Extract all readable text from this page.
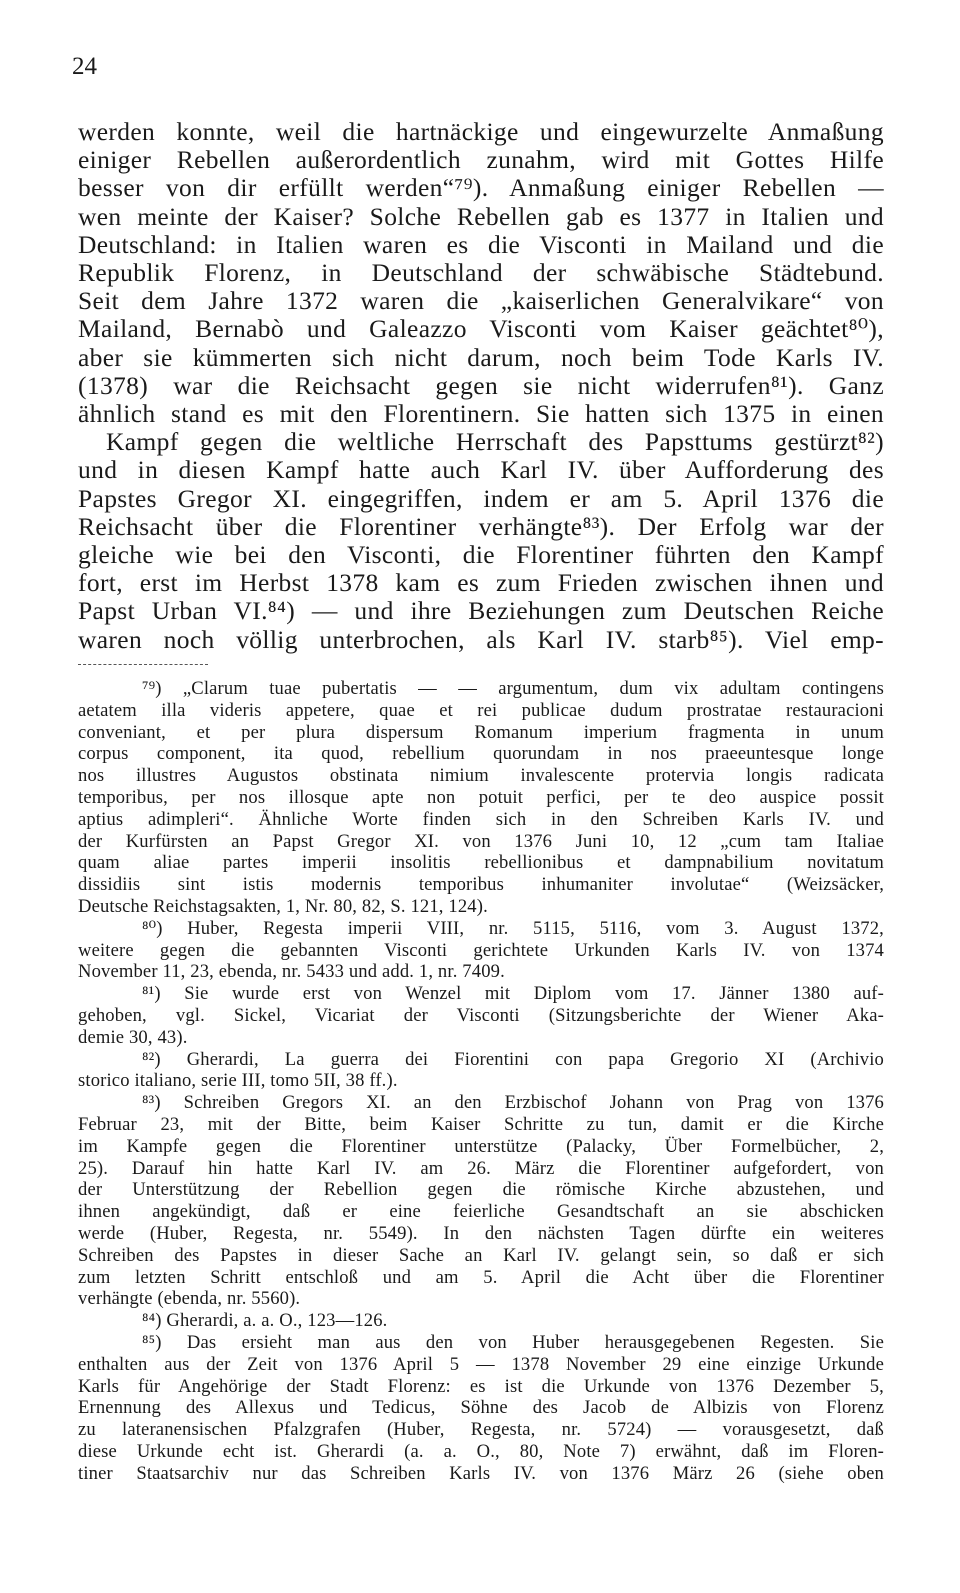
24
werden konnte, weil die hartnäckige und eingewurzelte Anmaßung
einiger Rebellen außerordentlich zunahm, wird mit Gottes Hilfe
besser von dir erfüllt werden“⁷⁹). Anmaßung einiger Rebellen —
wen meinte der Kaiser? Solche Rebellen gab es 1377 in Italien und
Deutschland: in Italien waren es die Visconti in Mailand und die
Republik Florenz, in Deutschland der schwäbische Städtebund.
Seit dem Jahre 1372 waren die „kaiserlichen Generalvikare“ von
Mailand, Bernabò und Galeazzo Visconti vom Kaiser geächtet⁸⁰),
aber sie kümmerten sich nicht darum, noch beim Tode Karls IV.
(1378) war die Reichsacht gegen sie nicht widerrufen⁸¹). Ganz
ähnlich stand es mit den Florentinern. Sie hatten sich 1375 in einen
Kampf gegen die weltliche Herrschaft des Papsttums gestürzt⁸²)
und in diesen Kampf hatte auch Karl IV. über Aufforderung des
Papstes Gregor XI. eingegriffen, indem er am 5. April 1376 die
Reichsacht über die Florentiner verhängte⁸³). Der Erfolg war der
gleiche wie bei den Visconti, die Florentiner führten den Kampf
fort, erst im Herbst 1378 kam es zum Frieden zwischen ihnen und
Papst Urban VI.⁸⁴) — und ihre Beziehungen zum Deutschen Reiche
waren noch völlig unterbrochen, als Karl IV. starb⁸⁵). Viel emp-
⁷⁹) „Clarum tuae pubertatis — — argumentum, dum vix adultam contingens
aetatem illa videris appetere, quae et rei publicae dudum prostratae restauracioni
conveniant, et per plura dispersum Romanum imperium fragmenta in unum
corpus component, ita quod, rebellium quorundam in nos praeeuntesque longe
nos illustres Augustos obstinata nimium invalescente protervia longis radicata
temporibus, per nos illosque apte non potuit perfici, per te deo auspice possit
aptius adimpleri“. Ähnliche Worte finden sich in den Schreiben Karls IV. und
der Kurfürsten an Papst Gregor XI. von 1376 Juni 10, 12 „cum tam Italiae
quam aliae partes imperii insolitis rebellionibus et dampnabilium novitatum
dissidiis sint istis modernis temporibus inhumaniter involutae“ (Weizsäcker,
Deutsche Reichstagsakten, 1, Nr. 80, 82, S. 121, 124).
⁸⁰) Huber, Regesta imperii VIII, nr. 5115, 5116, vom 3. August 1372,
weitere gegen die gebannten Visconti gerichtete Urkunden Karls IV. von 1374
November 11, 23, ebenda, nr. 5433 und add. 1, nr. 7409.
⁸¹) Sie wurde erst von Wenzel mit Diplom vom 17. Jänner 1380 auf-
gehoben, vgl. Sickel, Vicariat der Visconti (Sitzungsberichte der Wiener Aka-
demie 30, 43).
⁸²) Gherardi, La guerra dei Fiorentini con papa Gregorio XI (Archivio
storico italiano, serie III, tomo 5II, 38 ff.).
⁸³) Schreiben Gregors XI. an den Erzbischof Johann von Prag von 1376
Februar 23, mit der Bitte, beim Kaiser Schritte zu tun, damit er die Kirche
im Kampfe gegen die Florentiner unterstütze (Palacky, Über Formelbücher, 2,
25). Darauf hin hatte Karl IV. am 26. März die Florentiner aufgefordert, von
der Unterstützung der Rebellion gegen die römische Kirche abzustehen, und
ihnen angekündigt, daß er eine feierliche Gesandtschaft an sie abschicken
werde (Huber, Regesta, nr. 5549). In den nächsten Tagen dürfte ein weiteres
Schreiben des Papstes in dieser Sache an Karl IV. gelangt sein, so daß er sich
zum letzten Schritt entschloß und am 5. April die Acht über die Florentiner
verhängte (ebenda, nr. 5560).
⁸⁴) Gherardi, a. a. O., 123—126.
⁸⁵) Das ersieht man aus den von Huber herausgegebenen Regesten. Sie
enthalten aus der Zeit von 1376 April 5 — 1378 November 29 eine einzige Urkunde
Karls für Angehörige der Stadt Florenz: es ist die Urkunde von 1376 Dezember 5,
Ernennung des Allexus und Tedicus, Söhne des Jacob de Albizis von Florenz
zu lateranensischen Pfalzgrafen (Huber, Regesta, nr. 5724) — vorausgesetzt, daß
diese Urkunde echt ist. Gherardi (a. a. O., 80, Note 7) erwähnt, daß im Floren-
tiner Staatsarchiv nur das Schreiben Karls IV. von 1376 März 26 (siehe oben
